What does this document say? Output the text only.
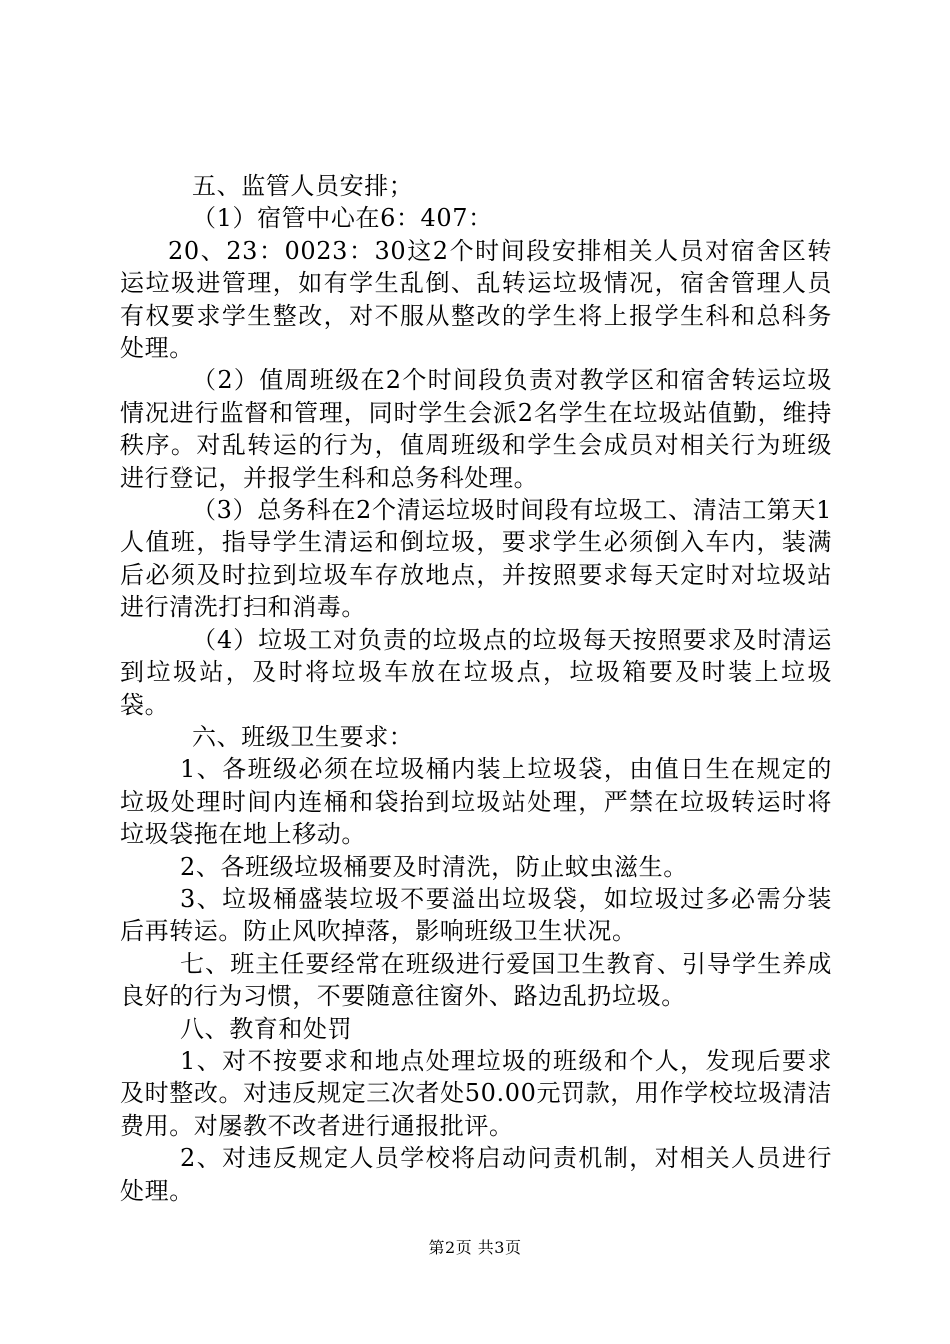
五、监管人员安排；

（1）宿管中心在6：407：

20、23：0023：30这2个时间段安排相关人员对宿舍区转运垃圾进管理，如有学生乱倒、乱转运垃圾情况，宿舍管理人员有权要求学生整改，对不服从整改的学生将上报学生科和总科务处理。

（2）值周班级在2个时间段负责对教学区和宿舍转运垃圾情况进行监督和管理，同时学生会派2名学生在垃圾站值勤，维持秩序。对乱转运的行为，值周班级和学生会成员对相关行为班级进行登记，并报学生科和总务科处理。

（3）总务科在2个清运垃圾时间段有垃圾工、清洁工第天1人值班，指导学生清运和倒垃圾，要求学生必须倒入车内，装满后必须及时拉到垃圾车存放地点，并按照要求每天定时对垃圾站进行清洗打扫和消毒。

（4）垃圾工对负责的垃圾点的垃圾每天按照要求及时清运到垃圾站，及时将垃圾车放在垃圾点，垃圾箱要及时装上垃圾袋。

六、班级卫生要求：

1、各班级必须在垃圾桶内装上垃圾袋，由值日生在规定的垃圾处理时间内连桶和袋抬到垃圾站处理，严禁在垃圾转运时将垃圾袋拖在地上移动。

2、各班级垃圾桶要及时清洗，防止蚊虫滋生。

3、垃圾桶盛装垃圾不要溢出垃圾袋，如垃圾过多必需分装后再转运。防止风吹掉落，影响班级卫生状况。

七、班主任要经常在班级进行爱国卫生教育、引导学生养成良好的行为习惯，不要随意往窗外、路边乱扔垃圾。

八、教育和处罚

1、对不按要求和地点处理垃圾的班级和个人，发现后要求及时整改。对违反规定三次者处50.00元罚款，用作学校垃圾清洁费用。对屡教不改者进行通报批评。

2、对违反规定人员学校将启动问责机制，对相关人员进行处理。

第2页 共3页
